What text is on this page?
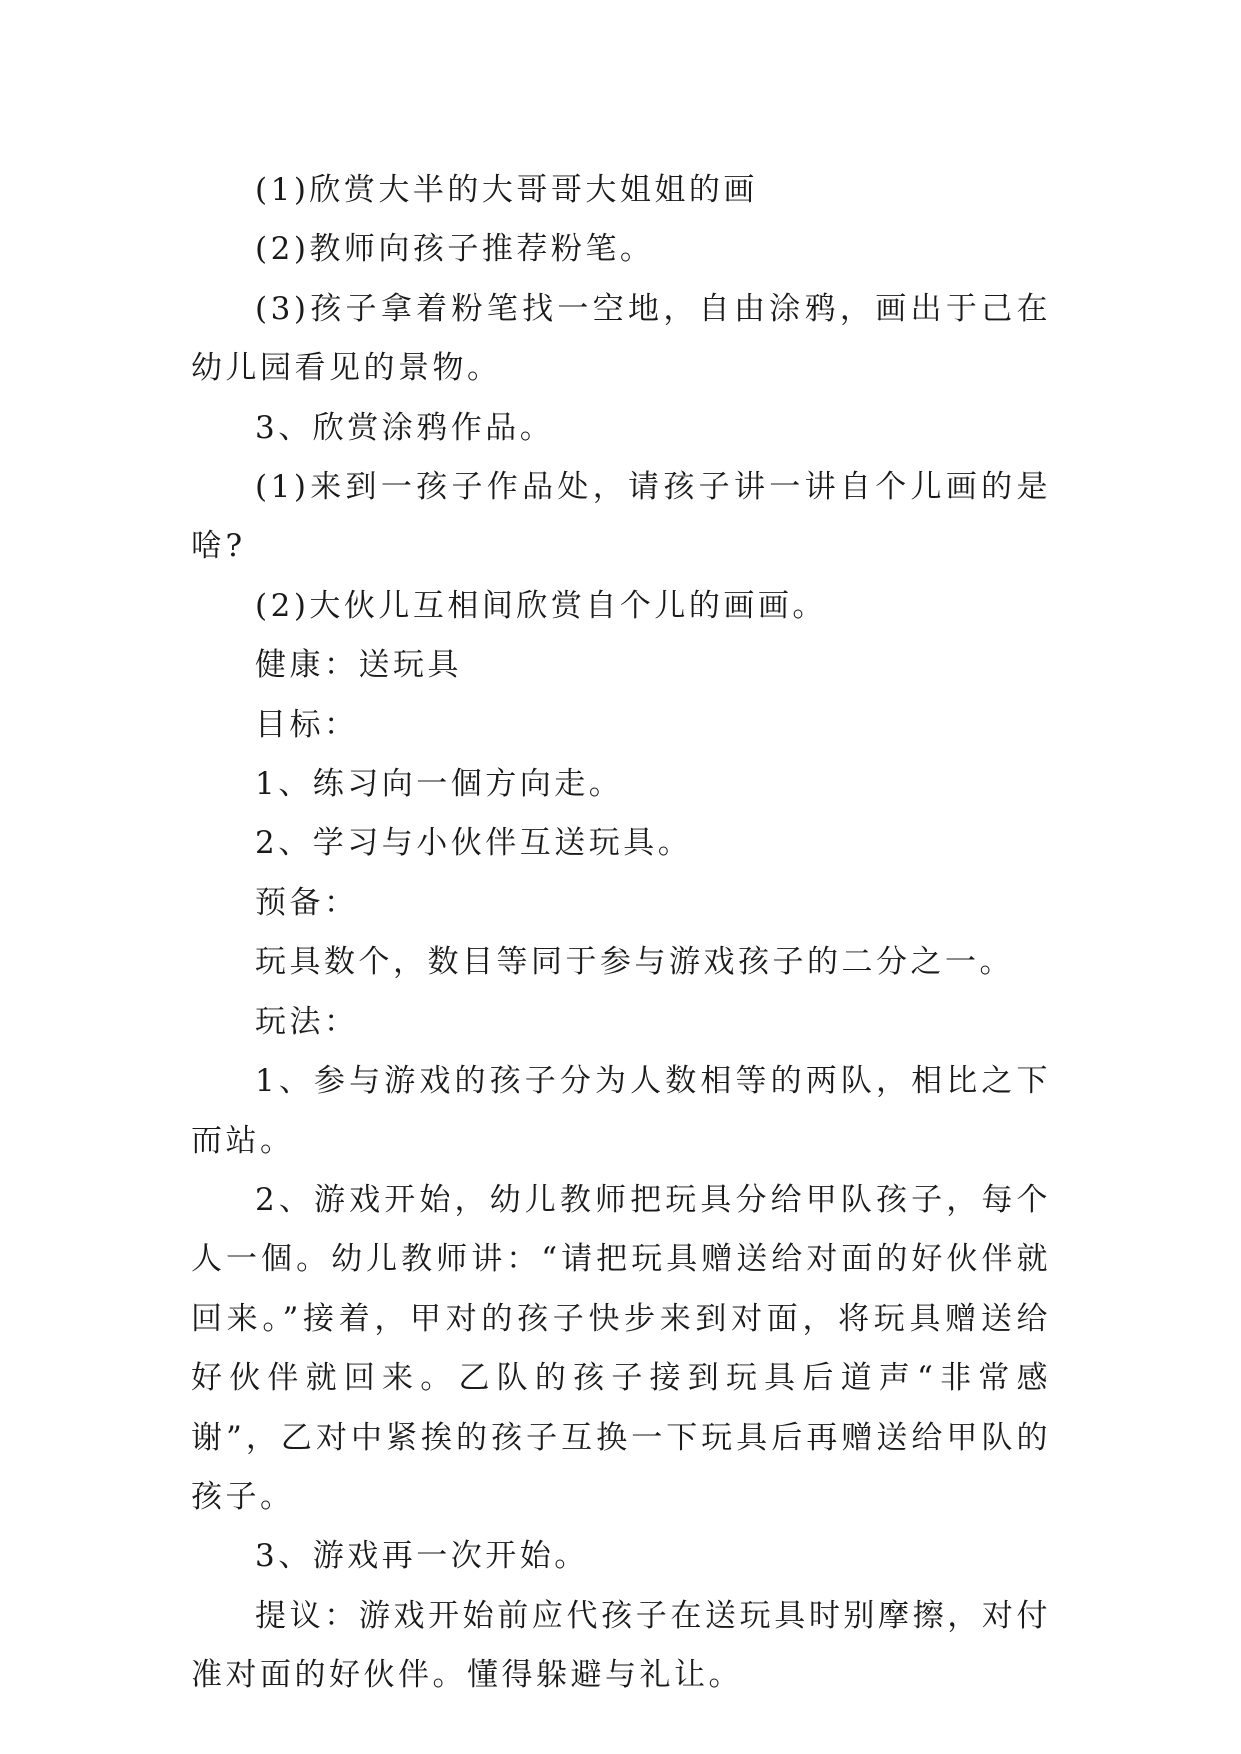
(1)欣赏大半的大哥哥大姐姐的画

(2)教师向孩子推荐粉笔。

(3)孩子拿着粉笔找一空地，自由涂鸦，画出于己在幼儿园看见的景物。

3、欣赏涂鸦作品。

(1)来到一孩子作品处，请孩子讲一讲自个儿画的是啥?

(2)大伙儿互相间欣赏自个儿的画画。

健康：送玩具

目标：

1、练习向一個方向走。

2、学习与小伙伴互送玩具。

预备：

玩具数个，数目等同于参与游戏孩子的二分之一。

玩法：

1、参与游戏的孩子分为人数相等的两队，相比之下而站。

2、游戏开始，幼儿教师把玩具分给甲队孩子，每个人一個。幼儿教师讲：“请把玩具赠送给对面的好伙伴就回来。”接着，甲对的孩子快步来到对面，将玩具赠送给好伙伴就回来。乙队的孩子接到玩具后道声“非常感谢”，乙对中紧挨的孩子互换一下玩具后再赠送给甲队的孩子。

3、游戏再一次开始。

提议：游戏开始前应代孩子在送玩具时别摩擦，对付准对面的好伙伴。懂得躲避与礼让。
